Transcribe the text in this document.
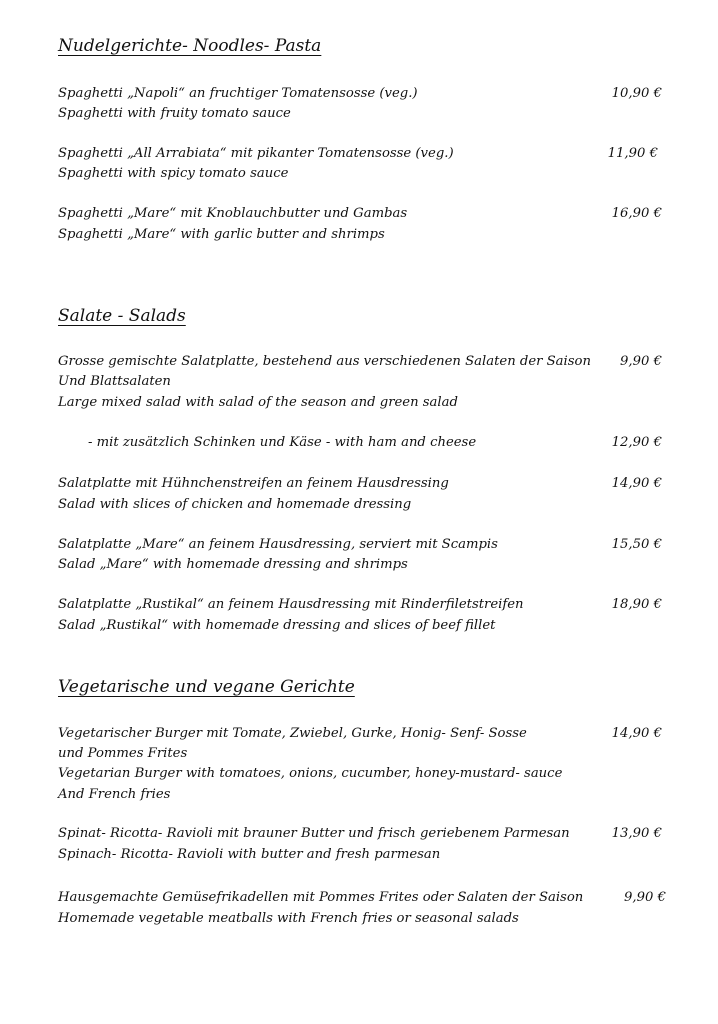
Nudelgerichte- Noodles- Pasta
Spaghetti „Napoli“ an fruchtiger Tomatensosse (veg.)
Spaghetti with fruity tomato sauce
10,90 €
Spaghetti „All Arrabiata“ mit pikanter Tomatensosse (veg.)
Spaghetti with spicy tomato sauce
11,90 €
Spaghetti „Mare“ mit Knoblauchbutter und Gambas
Spaghetti „Mare“ with garlic butter and shrimps
16,90 €
Salate - Salads
Grosse gemischte Salatplatte, bestehend aus verschiedenen Salaten der Saison
Und Blattsalaten
Large mixed salad with salad of the season and green salad
9,90 €
- mit zusätzlich Schinken und Käse - with ham and cheese	12,90 €
Salatplatte mit Hühnchenstreifen an feinem Hausdressing
Salad with slices of chicken and homemade dressing
14,90 €
Salatplatte „Mare“ an feinem Hausdressing, serviert mit Scampis
Salad „Mare“ with homemade dressing and shrimps
15,50 €
Salatplatte „Rustikal“ an feinem Hausdressing mit Rinderfiletstreifen
Salad „Rustikal“ with homemade dressing and slices of beef fillet
18,90 €
Vegetarische und vegane Gerichte
Vegetarischer Burger mit Tomate, Zwiebel, Gurke, Honig- Senf- Sosse
und Pommes Frites
Vegetarian Burger with tomatoes, onions, cucumber, honey-mustard- sauce
And French fries
14,90 €
Spinat- Ricotta- Ravioli mit brauner Butter und frisch geriebenem Parmesan
Spinach- Ricotta- Ravioli with butter and fresh parmesan
13,90 €
Hausgemachte Gemüsefrikadellen mit Pommes Frites oder Salaten der Saison
Homemade vegetable meatballs with French fries or seasonal salads
9,90 €
